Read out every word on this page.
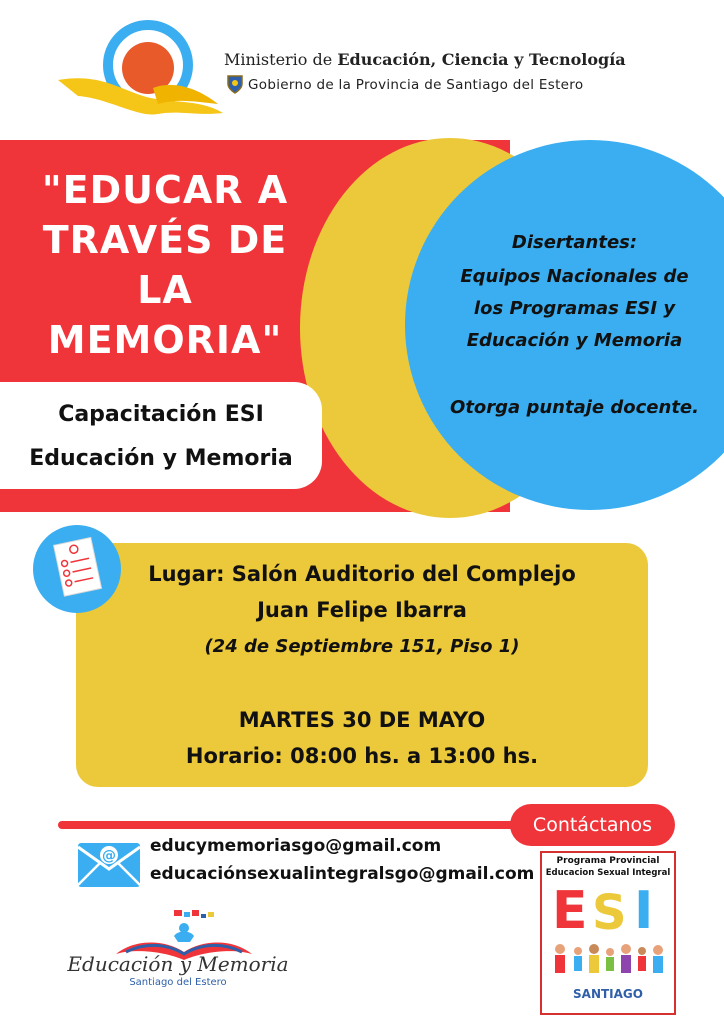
Ministerio de Educación, Ciencia y Tecnología
Gobierno de la Provincia de Santiago del Estero
"EDUCAR A
TRAVÉS DE
LA
MEMORIA"
Capacitación ESI
Educación y Memoria
Disertantes:
Equipos Nacionales de
los Programas ESI y
Educación y Memoria
Otorga puntaje docente.
Lugar: Salón Auditorio del Complejo
Juan Felipe Ibarra
(24 de Septiembre 151, Piso 1)
MARTES 30 DE MAYO
Horario: 08:00 hs. a 13:00 hs.
Contáctanos
@ educymemoriasgo@gmail.com
educaciónsexualintegralsgo@gmail.com
Educación y Memoria
Santiago del Estero
Programa Provincial
Educacion Sexual Integral
E S I
SANTIAGO
